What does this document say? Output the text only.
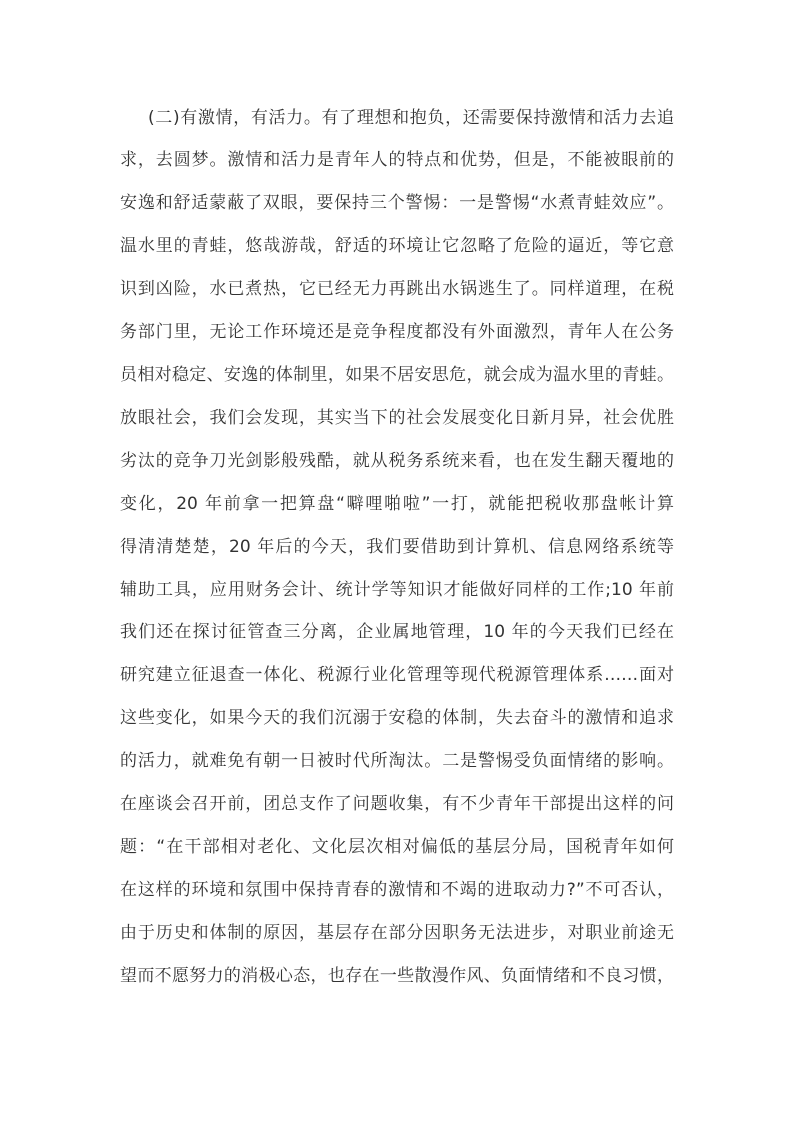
(二)有激情，有活力。有了理想和抱负，还需要保持激情和活力去追
求，去圆梦。激情和活力是青年人的特点和优势，但是，不能被眼前的
安逸和舒适蒙蔽了双眼，要保持三个警惕：一是警惕“水煮青蛙效应”。
温水里的青蛙，悠哉游哉，舒适的环境让它忽略了危险的逼近，等它意
识到凶险，水已煮热，它已经无力再跳出水锅逃生了。同样道理，在税
务部门里，无论工作环境还是竞争程度都没有外面激烈，青年人在公务
员相对稳定、安逸的体制里，如果不居安思危，就会成为温水里的青蛙。
放眼社会，我们会发现，其实当下的社会发展变化日新月异，社会优胜
劣汰的竞争刀光剑影般残酷，就从税务系统来看，也在发生翻天覆地的
变化，20 年前拿一把算盘“噼哩啪啦”一打，就能把税收那盘帐计算
得清清楚楚，20 年后的今天，我们要借助到计算机、信息网络系统等
辅助工具，应用财务会计、统计学等知识才能做好同样的工作;10 年前
我们还在探讨征管查三分离，企业属地管理，10 年的今天我们已经在
研究建立征退查一体化、税源行业化管理等现代税源管理体系……面对
这些变化，如果今天的我们沉溺于安稳的体制，失去奋斗的激情和追求
的活力，就难免有朝一日被时代所淘汰。二是警惕受负面情绪的影响。
在座谈会召开前，团总支作了问题收集，有不少青年干部提出这样的问
题：“在干部相对老化、文化层次相对偏低的基层分局，国税青年如何
在这样的环境和氛围中保持青春的激情和不竭的进取动力?”不可否认，
由于历史和体制的原因，基层存在部分因职务无法进步，对职业前途无
望而不愿努力的消极心态，也存在一些散漫作风、负面情绪和不良习惯，
